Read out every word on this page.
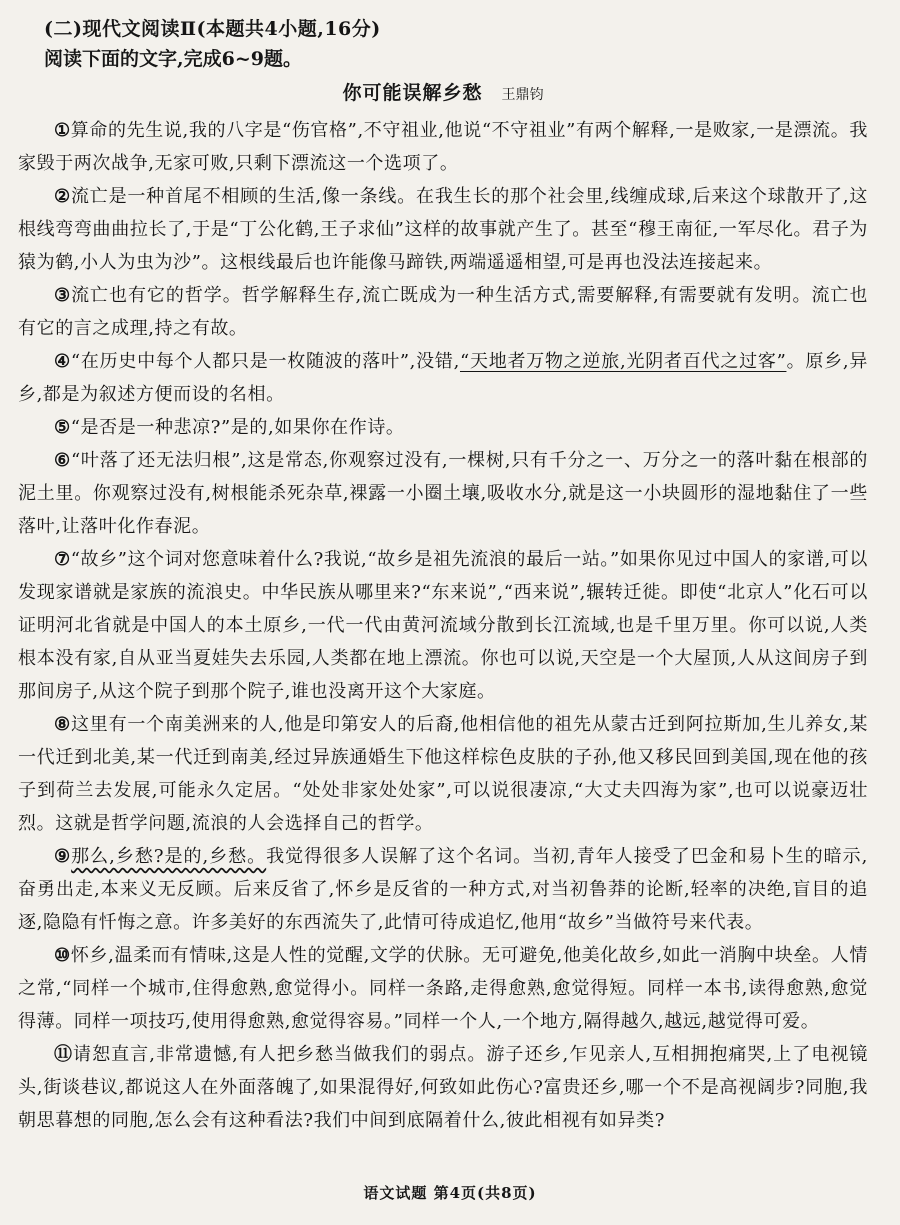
(二)现代文阅读Ⅱ(本题共4小题,16分)
阅读下面的文字,完成6~9题。
你可能误解乡愁 王鼎钧

①算命的先生说,我的八字是“伤官格”,不守祖业,他说“不守祖业”有两个解释,一是败家,一是漂流。我家毁于两次战争,无家可败,只剩下漂流这一个选项了。

②流亡是一种首尾不相顾的生活,像一条线。在我生长的那个社会里,线缠成球,后来这个球散开了,这根线弯弯曲曲拉长了,于是“丁公化鹤,王子求仙”这样的故事就产生了。甚至“穆王南征,一军尽化。君子为猿为鹤,小人为虫为沙”。这根线最后也许能像马蹄铁,两端遥遥相望,可是再也没法连接起来。

③流亡也有它的哲学。哲学解释生存,流亡既成为一种生活方式,需要解释,有需要就有发明。流亡也有它的言之成理,持之有故。

④“在历史中每个人都只是一枚随波的落叶”,没错,“天地者万物之逆旅,光阴者百代之过客”。原乡,异乡,都是为叙述方便而设的名相。

⑤“是否是一种悲凉?”是的,如果你在作诗。

⑥“叶落了还无法归根”,这是常态,你观察过没有,一棵树,只有千分之一、万分之一的落叶黏在根部的泥土里。你观察过没有,树根能杀死杂草,裸露一小圈土壤,吸收水分,就是这一小块圆形的湿地黏住了一些落叶,让落叶化作春泥。

⑦“故乡”这个词对您意味着什么?我说,“故乡是祖先流浪的最后一站。”如果你见过中国人的家谱,可以发现家谱就是家族的流浪史。中华民族从哪里来?“东来说”,“西来说”,辗转迁徙。即使“北京人”化石可以证明河北省就是中国人的本土原乡,一代一代由黄河流域分散到长江流域,也是千里万里。你可以说,人类根本没有家,自从亚当夏娃失去乐园,人类都在地上漂流。你也可以说,天空是一个大屋顶,人从这间房子到那间房子,从这个院子到那个院子,谁也没离开这个大家庭。

⑧这里有一个南美洲来的人,他是印第安人的后裔,他相信他的祖先从蒙古迁到阿拉斯加,生儿养女,某一代迁到北美,某一代迁到南美,经过异族通婚生下他这样棕色皮肤的子孙,他又移民回到美国,现在他的孩子到荷兰去发展,可能永久定居。“处处非家处处家”,可以说很凄凉,“大丈夫四海为家”,也可以说豪迈壮烈。这就是哲学问题,流浪的人会选择自己的哲学。

⑨那么,乡愁?是的,乡愁。我觉得很多人误解了这个名词。当初,青年人接受了巴金和易卜生的暗示,奋勇出走,本来义无反顾。后来反省了,怀乡是反省的一种方式,对当初鲁莽的论断,轻率的决绝,盲目的追逐,隐隐有忏悔之意。许多美好的东西流失了,此情可待成追忆,他用“故乡”当做符号来代表。

⑩怀乡,温柔而有情味,这是人性的觉醒,文学的伏脉。无可避免,他美化故乡,如此一消胸中块垒。人情之常,“同样一个城市,住得愈熟,愈觉得小。同样一条路,走得愈熟,愈觉得短。同样一本书,读得愈熟,愈觉得薄。同样一项技巧,使用得愈熟,愈觉得容易。”同样一个人,一个地方,隔得越久,越远,越觉得可爱。

⑪请恕直言,非常遗憾,有人把乡愁当做我们的弱点。游子还乡,乍见亲人,互相拥抱痛哭,上了电视镜头,街谈巷议,都说这人在外面落魄了,如果混得好,何致如此伤心?富贵还乡,哪一个不是高视阔步?同胞,我朝思暮想的同胞,怎么会有这种看法?我们中间到底隔着什么,彼此相视有如异类?

语文试题 第4页(共8页)
